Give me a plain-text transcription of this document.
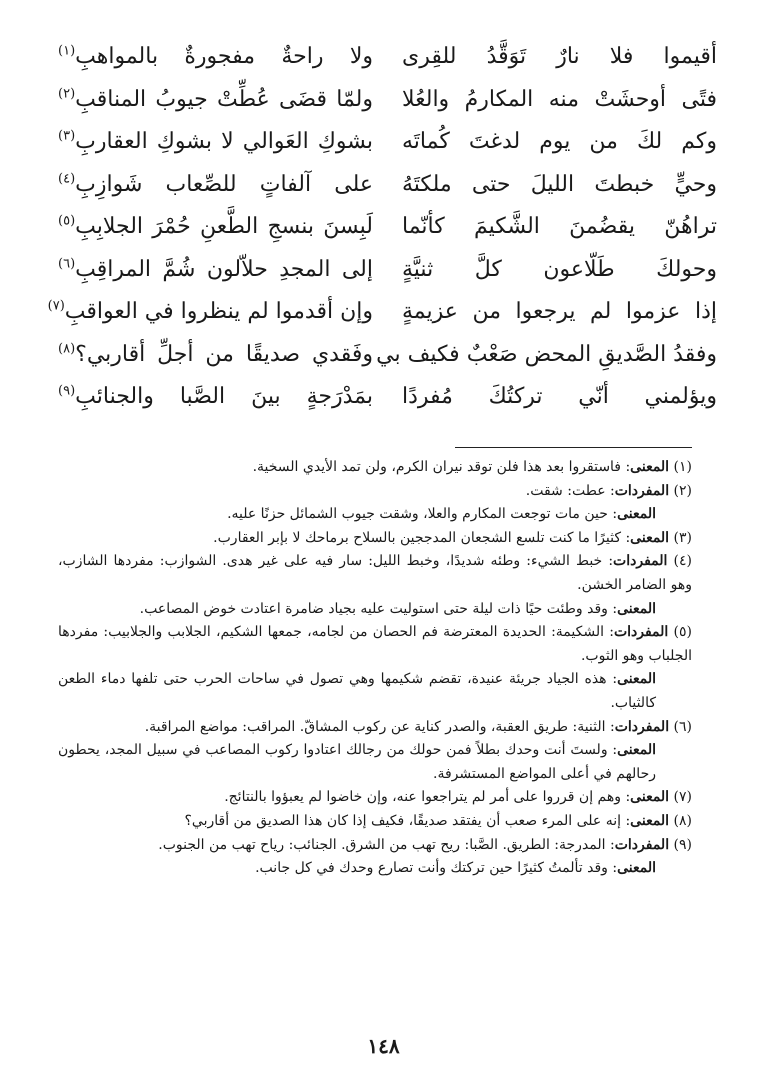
أقيموا فلا نارٌ تَوَقَّدُ للقِرى
ولا راحةٌ مفجورةٌ بالمواهبِ$^{(١)}$
فتًى أوحشَتْ منه المكارمُ والعُلا
ولمّا قضَى عُطِّتْ جيوبُ المناقبِ$^{(٢)}$
وكم لكَ من يوم لدغتَ كُماتَه
بشوكِ العَوالي لا بشوكِ العقاربِ$^{(٣)}$
وحيٍّ خبطتَ الليلَ حتى ملكتَهُ
على آلفاتٍ للصِّعاب شَوازِبِ$^{(٤)}$
تراهُنّ يقضُمنَ الشَّكيمَ كأنّما
لَبِسنَ بنسجِ الطَّعنِ حُمْرَ الجلابِبِ$^{(٥)}$
وحولكَ طَلّاعون كلَّ ثنيَّةٍ
إلى المجدِ حلاّلون شُمَّ المراقِبِ$^{(٦)}$
إذا عزموا لم يرجعوا من عزيمةٍ
وإن أقدموا لم ينظروا في العواقبِ$^{(٧)}$
وفقدُ الصَّديقِ المحض صَعْبٌ فكيف بي
وفَقدي صديقًا من أجلِّ أقاربي؟$^{(٨)}$
ويؤلمني أنّي تركتُكَ مُفردًا
بمَدْرَجةٍ بينَ الصَّبا والجنائبِ$^{(٩)}$

(١) المعنى: فاستقروا بعد هذا فلن توقد نيران الكرم، ولن تمد الأيدي السخية.

(٢) المفردات: عطت: شقت.

المعنى: حين مات توجعت المكارم والعلا، وشقت جيوب الشمائل حزنًا عليه.

(٣) المعنى: كثيرًا ما كنت تلسع الشجعان المدججين بالسلاح برماحك لا بإبر العقارب.

(٤) المفردات: خبط الشيء: وطئه شديدًا، وخبط الليل: سار فيه على غير هدى. الشوازب: مفردها الشازب، وهو الضامر الخشن.

المعنى: وقد وطئت حيًا ذات ليلة حتى استوليت عليه بجياد ضامرة اعتادت خوض المصاعب.

(٥) المفردات: الشكيمة: الحديدة المعترضة فم الحصان من لجامه، جمعها الشكيم، الجلابب والجلابيب: مفردها الجلباب وهو الثوب.

المعنى: هذه الجياد جريئة عنيدة، تقضم شكيمها وهي تصول في ساحات الحرب حتى تلفها دماء الطعن كالثياب.

(٦) المفردات: الثنية: طريق العقبة، والصدر كناية عن ركوب المشاقّ. المراقب: مواضع المراقبة.

المعنى: ولستَ أنت وحدك بطلاً فمن حولك من رجالك اعتادوا ركوب المصاعب في سبيل المجد، يحطون رحالهم في أعلى المواضع المستشرفة.

(٧) المعنى: وهم إن قرروا على أمر لم يتراجعوا عنه، وإن خاضوا لم يعبؤوا بالنتائج.

(٨) المعنى: إنه على المرء صعب أن يفتقد صديقًا، فكيف إذا كان هذا الصديق من أقاربي؟

(٩) المفردات: المدرجة: الطريق. الصَّبا: ريح تهب من الشرق. الجنائب: رياح تهب من الجنوب.

المعنى: وقد تألمتُ كثيرًا حين تركتك وأنت تصارع وحدك في كل جانب.

١٤٨
